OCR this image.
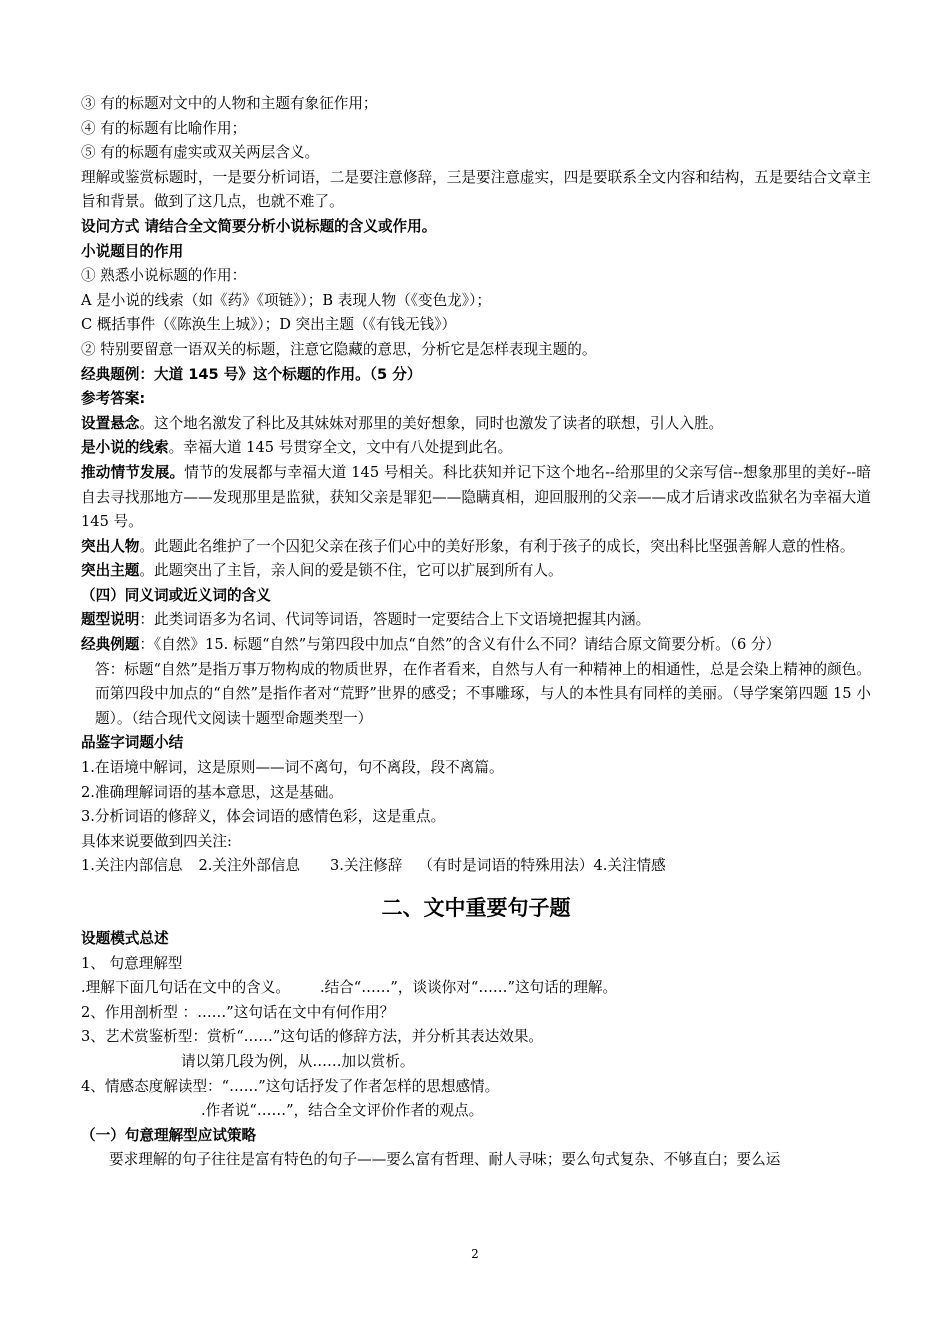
③ 有的标题对文中的人物和主题有象征作用；
④ 有的标题有比喻作用；
⑤ 有的标题有虚实或双关两层含义。
理解或鉴赏标题时，一是要分析词语，二是要注意修辞，三是要注意虚实，四是要联系全文内容和结构，五是要结合文章主旨和背景。做到了这几点，也就不难了。
设问方式 请结合全文简要分析小说标题的含义或作用。
小说题目的作用
① 熟悉小说标题的作用：
A 是小说的线索（如《药》《项链》）；B 表现人物（《变色龙》）；
C 概括事件（《陈涣生上城》）；D 突出主题（《有钱无钱》）
② 特别要留意一语双关的标题，注意它隐藏的意思，分析它是怎样表现主题的。
经典题例：大道 145 号》这个标题的作用。（5 分）
参考答案:
设置悬念。这个地名激发了科比及其妹妹对那里的美好想象，同时也激发了读者的联想，引人入胜。
是小说的线索。幸福大道 145 号贯穿全文，文中有八处提到此名。
推动情节发展。情节的发展都与幸福大道 145 号相关。科比获知并记下这个地名--给那里的父亲写信--想象那里的美好--暗自去寻找那地方——发现那里是监狱，获知父亲是罪犯——隐瞒真相，迎回服刑的父亲——成才后请求改监狱名为幸福大道 145 号。
突出人物。此题此名维护了一个囚犯父亲在孩子们心中的美好形象，有利于孩子的成长，突出科比坚强善解人意的性格。
突出主题。此题突出了主旨，亲人间的爱是锁不住，它可以扩展到所有人。
（四）同义词或近义词的含义
题型说明：此类词语多为名词、代词等词语，答题时一定要结合上下文语境把握其内涵。
经典例题：《自然》15. 标题“自然”与第四段中加点“自然”的含义有什么不同？请结合原文简要分析。（6 分）
答：标题“自然”是指万事万物构成的物质世界，在作者看来，自然与人有一种精神上的相通性，总是会染上精神的颜色。而第四段中加点的“自然”是指作者对“荒野”世界的感受；不事雕琢，与人的本性具有同样的美丽。（导学案第四题 15 小题）。（结合现代文阅读十题型命题类型一）
品鉴字词题小结
1.在语境中解词，这是原则——词不离句，句不离段，段不离篇。
2.准确理解词语的基本意思，这是基础。
3.分析词语的修辞义，体会词语的感情色彩，这是重点。
具体来说要做到四关注:
1.关注内部信息 2.关注外部信息 3.关注修辞 （有时是词语的特殊用法）4.关注情感
二、文中重要句子题
设题模式总述
1、 句意理解型
.理解下面几句话在文中的含义。 .结合“……”，谈谈你对“……”这句话的理解。
2、作用剖析型 ：……”这句话在文中有何作用？
3、艺术赏鉴析型：赏析“……”这句话的修辞方法，并分析其表达效果。
请以第几段为例，从……加以赏析。
4、情感态度解读型：“……”这句话抒发了作者怎样的思想感情。
.作者说“……”，结合全文评价作者的观点。
（一）句意理解型应试策略
要求理解的句子往往是富有特色的句子——要么富有哲理、耐人寻味；要么句式复杂、不够直白；要么运
2
